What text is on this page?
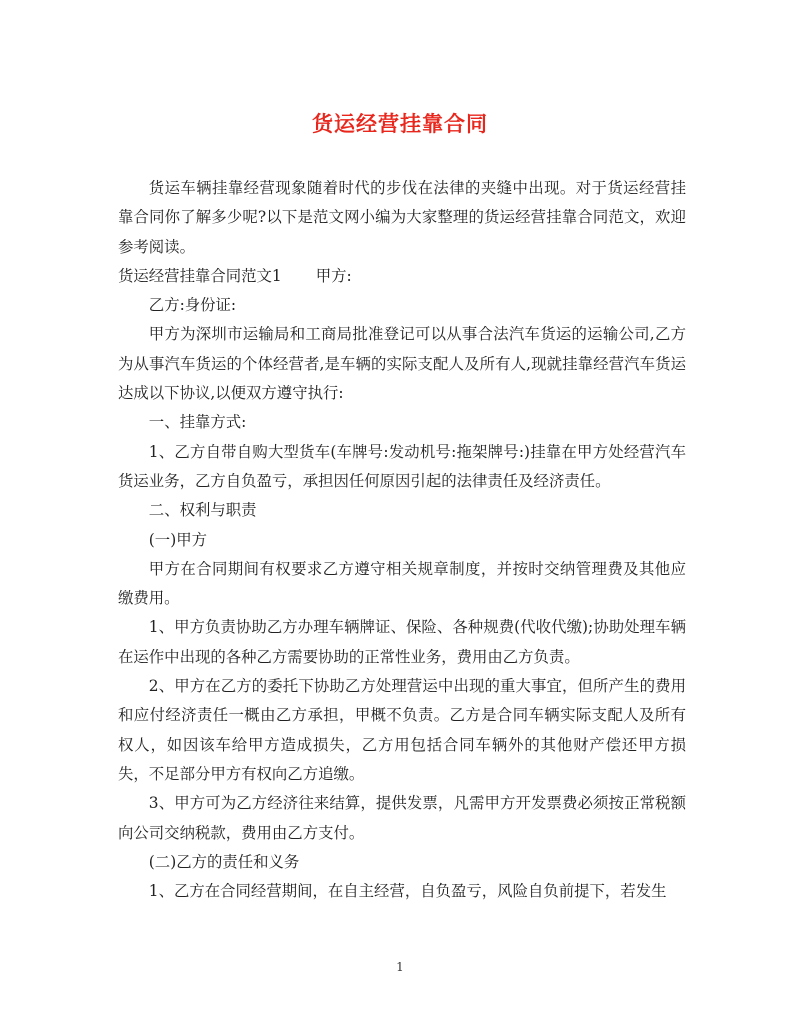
货运经营挂靠合同

货运车辆挂靠经营现象随着时代的步伐在法律的夹缝中出现。对于货运经营挂靠合同你了解多少呢?以下是范文网小编为大家整理的货运经营挂靠合同范文，欢迎参考阅读。

货运经营挂靠合同范文1 甲方:

乙方:身份证:

甲方为深圳市运输局和工商局批准登记可以从事合法汽车货运的运输公司,乙方为从事汽车货运的个体经营者,是车辆的实际支配人及所有人,现就挂靠经营汽车货运达成以下协议,以便双方遵守执行:

一、挂靠方式:

1、乙方自带自购大型货车(车牌号:发动机号:拖架牌号:)挂靠在甲方处经营汽车货运业务，乙方自负盈亏，承担因任何原因引起的法律责任及经济责任。

二、权利与职责

(一)甲方

甲方在合同期间有权要求乙方遵守相关规章制度，并按时交纳管理费及其他应缴费用。

1、甲方负责协助乙方办理车辆牌证、保险、各种规费(代收代缴);协助处理车辆在运作中出现的各种乙方需要协助的正常性业务，费用由乙方负责。

2、甲方在乙方的委托下协助乙方处理营运中出现的重大事宜，但所产生的费用和应付经济责任一概由乙方承担，甲概不负责。乙方是合同车辆实际支配人及所有权人，如因该车给甲方造成损失，乙方用包括合同车辆外的其他财产偿还甲方损失，不足部分甲方有权向乙方追缴。

3、甲方可为乙方经济往来结算，提供发票，凡需甲方开发票费必须按正常税额向公司交纳税款，费用由乙方支付。

(二)乙方的责任和义务

1、乙方在合同经营期间，在自主经营，自负盈亏，风险自负前提下，若发生

1
